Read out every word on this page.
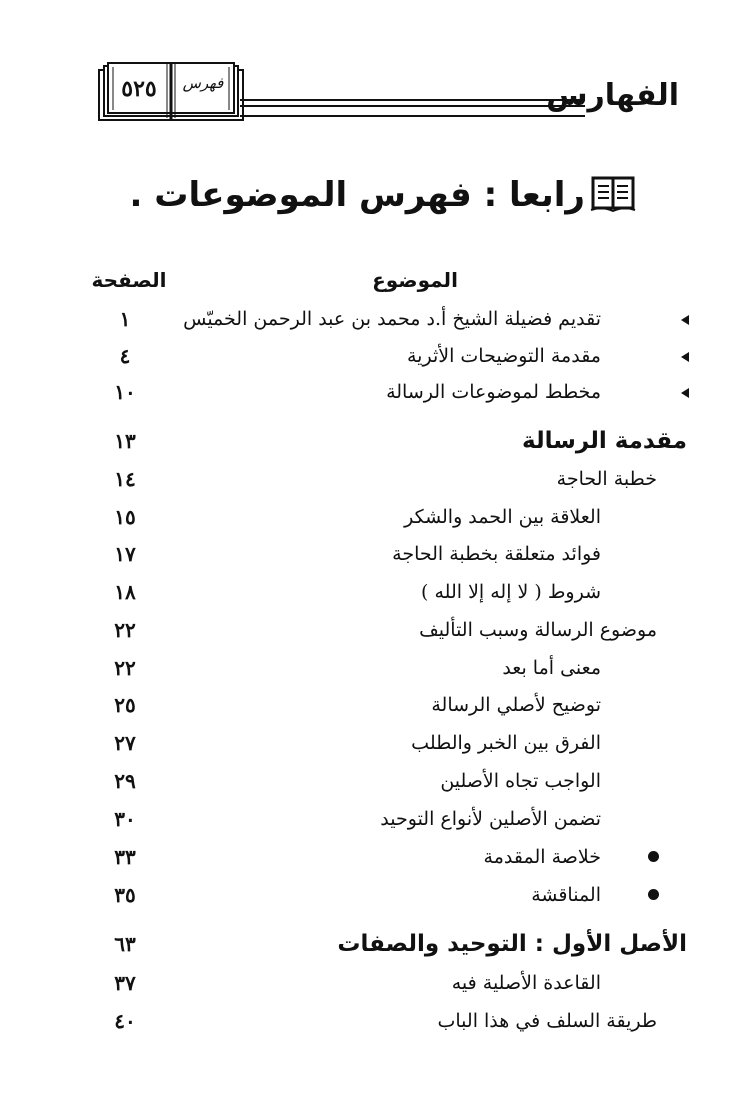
الفهارس
٥٢٥	فهرس
رابعا : فهرس الموضوعات .
الموضوع
الصفحة
تقديم فضيلة الشيخ أ.د محمد بن عبد الرحمن الخميّس
١
مقدمة التوضيحات الأثرية
٤
مخطط لموضوعات الرسالة
١٠
مقدمة الرسالة
١٣
خطبة الحاجة
١٤
العلاقة بين الحمد والشكر
١٥
فوائد متعلقة بخطبة الحاجة
١٧
شروط ( لا إله إلا الله )
١٨
موضوع الرسالة وسبب التأليف
٢٢
معنى أما بعد
٢٢
توضيح لأصلي الرسالة
٢٥
الفرق بين الخبر والطلب
٢٧
الواجب تجاه الأصلين
٢٩
تضمن الأصلين لأنواع التوحيد
٣٠
خلاصة المقدمة
٣٣
المناقشة
٣٥
الأصل الأول : التوحيد والصفات
٦٣
القاعدة الأصلية فيه
٣٧
طريقة السلف في هذا الباب
٤٠
